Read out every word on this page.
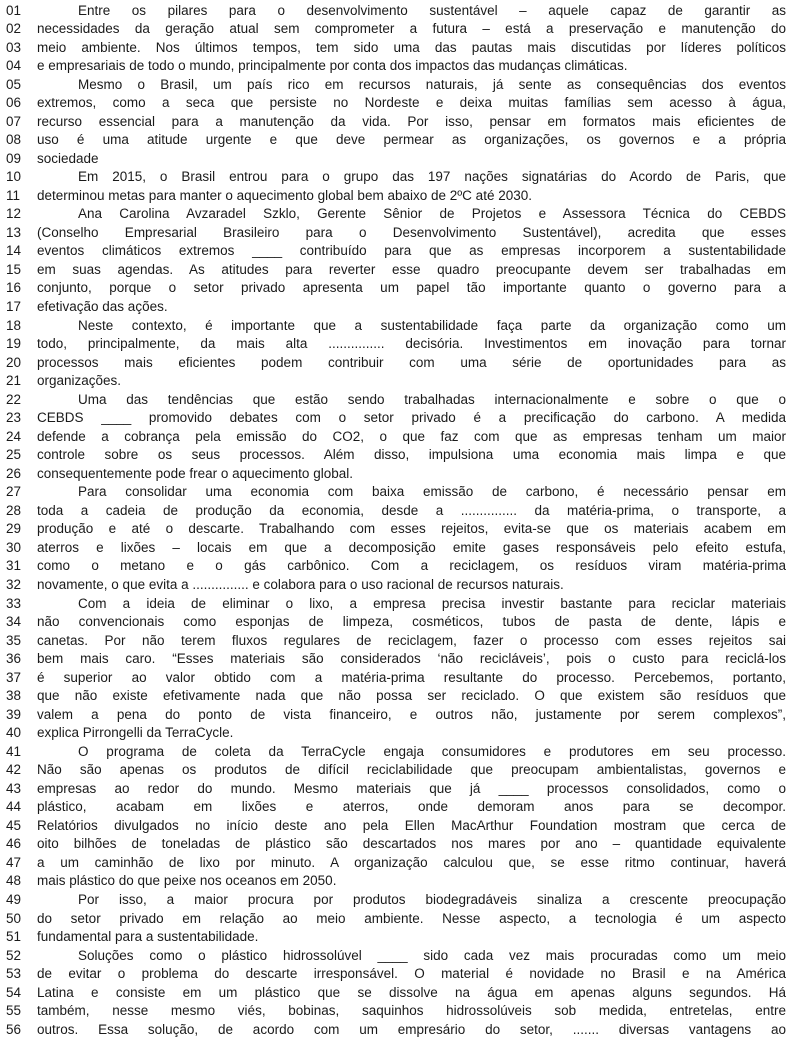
01	Entre os pilares para o desenvolvimento sustentável – aquele capaz de garantir as
02	necessidades da geração atual sem comprometer a futura – está a preservação e manutenção do
03	meio ambiente. Nos últimos tempos, tem sido uma das pautas mais discutidas por líderes políticos
04	e empresariais de todo o mundo, principalmente por conta dos impactos das mudanças climáticas.
05	Mesmo o Brasil, um país rico em recursos naturais, já sente as consequências dos eventos
06	extremos, como a seca que persiste no Nordeste e deixa muitas famílias sem acesso à água,
07	recurso essencial para a manutenção da vida. Por isso, pensar em formatos mais eficientes de
08	uso é uma atitude urgente e que deve permear as organizações, os governos e a própria
09	sociedade
10	Em 2015, o Brasil entrou para o grupo das 197 nações signatárias do Acordo de Paris, que
11	determinou metas para manter o aquecimento global bem abaixo de 2ºC até 2030.
12	Ana Carolina Avzaradel Szklo, Gerente Sênior de Projetos e Assessora Técnica do CEBDS
13	(Conselho Empresarial Brasileiro para o Desenvolvimento Sustentável), acredita que esses
14	eventos climáticos extremos ____ contribuído para que as empresas incorporem a sustentabilidade
15	em suas agendas. As atitudes para reverter esse quadro preocupante devem ser trabalhadas em
16	conjunto, porque o setor privado apresenta um papel tão importante quanto o governo para a
17	efetivação das ações.
18	Neste contexto, é importante que a sustentabilidade faça parte da organização como um
19	todo, principalmente, da mais alta ............... decisória. Investimentos em inovação para tornar
20	processos mais eficientes podem contribuir com uma série de oportunidades para as
21	organizações.
22	Uma das tendências que estão sendo trabalhadas internacionalmente e sobre o que o
23	CEBDS ____ promovido debates com o setor privado é a precificação do carbono. A medida
24	defende a cobrança pela emissão do CO2, o que faz com que as empresas tenham um maior
25	controle sobre os seus processos. Além disso, impulsiona uma economia mais limpa e que
26	consequentemente pode frear o aquecimento global.
27	Para consolidar uma economia com baixa emissão de carbono, é necessário pensar em
28	toda a cadeia de produção da economia, desde a ............... da matéria-prima, o transporte, a
29	produção e até o descarte. Trabalhando com esses rejeitos, evita-se que os materiais acabem em
30	aterros e lixões – locais em que a decomposição emite gases responsáveis pelo efeito estufa,
31	como o metano e o gás carbônico. Com a reciclagem, os resíduos viram matéria-prima
32	novamente, o que evita a ............... e colabora para o uso racional de recursos naturais.
33	Com a ideia de eliminar o lixo, a empresa precisa investir bastante para reciclar materiais
34	não convencionais como esponjas de limpeza, cosméticos, tubos de pasta de dente, lápis e
35	canetas. Por não terem fluxos regulares de reciclagem, fazer o processo com esses rejeitos sai
36	bem mais caro. “Esses materiais são considerados ‘não recicláveis’, pois o custo para reciclá-los
37	é superior ao valor obtido com a matéria-prima resultante do processo. Percebemos, portanto,
38	que não existe efetivamente nada que não possa ser reciclado. O que existem são resíduos que
39	valem a pena do ponto de vista financeiro, e outros não, justamente por serem complexos”,
40	explica Pirrongelli da TerraCycle.
41	O programa de coleta da TerraCycle engaja consumidores e produtores em seu processo.
42	Não são apenas os produtos de difícil reciclabilidade que preocupam ambientalistas, governos e
43	empresas ao redor do mundo. Mesmo materiais que já ____ processos consolidados, como o
44	plástico, acabam em lixões e aterros, onde demoram anos para se decompor.
45	Relatórios divulgados no início deste ano pela Ellen MacArthur Foundation mostram que cerca de
46	oito bilhões de toneladas de plástico são descartados nos mares por ano – quantidade equivalente
47	a um caminhão de lixo por minuto. A organização calculou que, se esse ritmo continuar, haverá
48	mais plástico do que peixe nos oceanos em 2050.
49	Por isso, a maior procura por produtos biodegradáveis sinaliza a crescente preocupação
50	do setor privado em relação ao meio ambiente. Nesse aspecto, a tecnologia é um aspecto
51	fundamental para a sustentabilidade.
52	Soluções como o plástico hidrossolúvel ____ sido cada vez mais procuradas como um meio
53	de evitar o problema do descarte irresponsável. O material é novidade no Brasil e na América
54	Latina e consiste em um plástico que se dissolve na água em apenas alguns segundos. Há
55	também, nesse mesmo viés, bobinas, saquinhos hidrossolúveis sob medida, entretelas, entre
56	outros. Essa solução, de acordo com um empresário do setor, ....... diversas vantagens ao
